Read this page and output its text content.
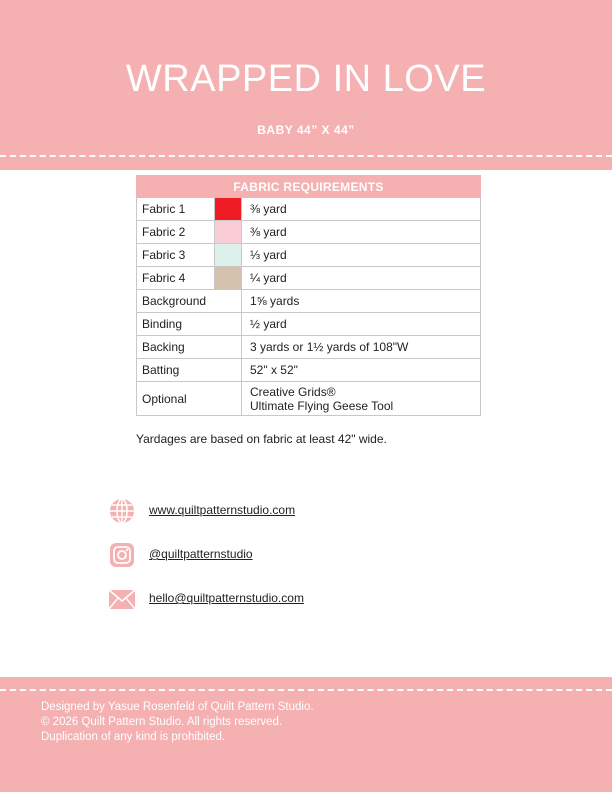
WRAPPED IN LOVE
BABY 44” X 44”
FABRIC REQUIREMENTS		
Fabric 1		⅜ yard
Fabric 2		⅜ yard
Fabric 3		⅓ yard
Fabric 4		¼ yard
Background		1⅝ yards
Binding		½ yard
Backing		3 yards or 1½ yards of 108"W
Batting		52" x 52"
Optional		Creative Grids®
Ultimate Flying Geese Tool
Yardages are based on fabric at least 42" wide.
www.quiltpatternstudio.com
@quiltpatternstudio
hello@quiltpatternstudio.com
Designed by Yasue Rosenfeld of Quilt Pattern Studio.
© 2026 Quilt Pattern Studio. All rights reserved.
Duplication of any kind is prohibited.
